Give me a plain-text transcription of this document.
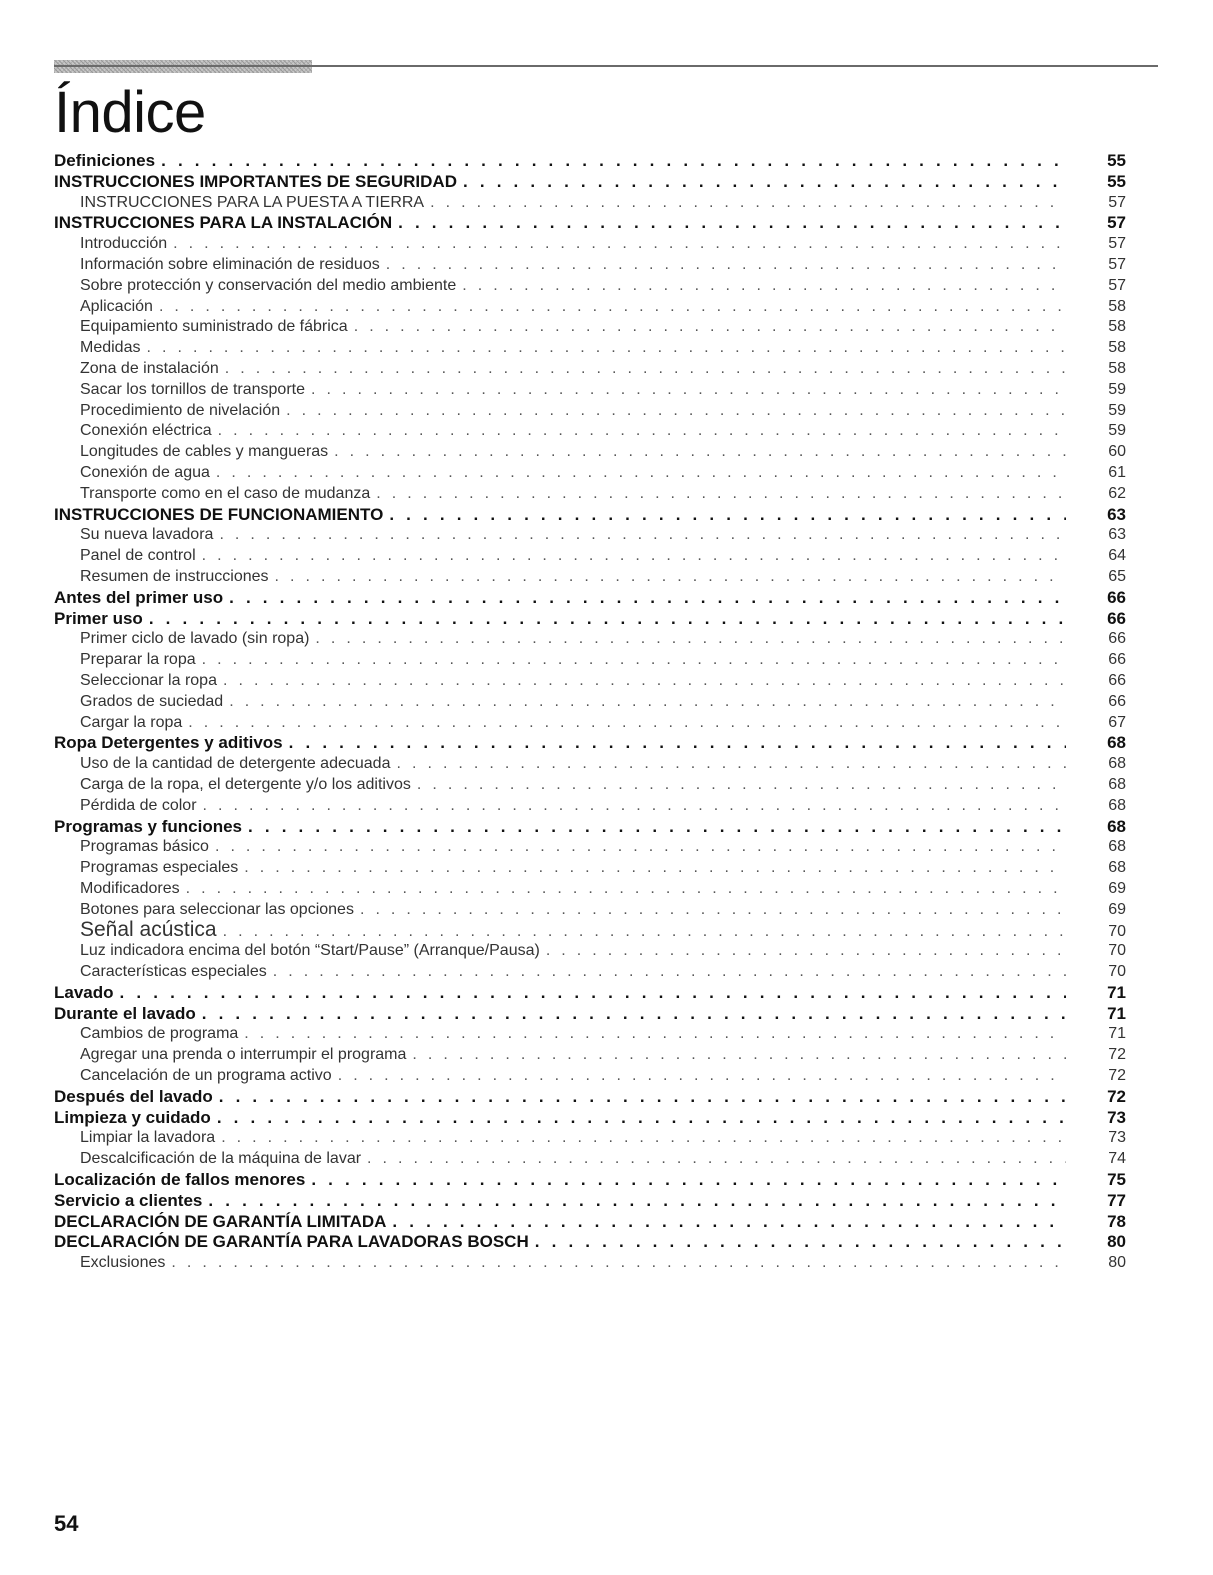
Índice
Definiciones . . .	55
INSTRUCCIONES IMPORTANTES DE SEGURIDAD . . .	55
INSTRUCCIONES PARA LA PUESTA A TIERRA . . .	57
INSTRUCCIONES PARA LA INSTALACIÓN . . .	57
Introducción . . .	57
Información sobre eliminación de residuos . . .	57
Sobre protección y conservación del medio ambiente . . .	57
Aplicación . . .	58
Equipamiento suministrado de fábrica . . .	58
Medidas . . .	58
Zona de instalación . . .	58
Sacar los tornillos de transporte . . .	59
Procedimiento de nivelación . . .	59
Conexión eléctrica . . .	59
Longitudes de cables y mangueras . . .	60
Conexión de agua . . .	61
Transporte como en el caso de mudanza . . .	62
INSTRUCCIONES DE FUNCIONAMIENTO . . .	63
Su nueva lavadora . . .	63
Panel de control . . .	64
Resumen de instrucciones . . .	65
Antes del primer uso . . .	66
Primer uso . . .	66
Primer ciclo de lavado (sin ropa) . . .	66
Preparar la ropa . . .	66
Seleccionar la ropa . . .	66
Grados de suciedad . . .	66
Cargar la ropa . . .	67
Ropa Detergentes y aditivos . . .	68
Uso de la cantidad de detergente adecuada . . .	68
Carga de la ropa, el detergente y/o los aditivos . . .	68
Pérdida de color . . .	68
Programas y funciones . . .	68
Programas básico . . .	68
Programas especiales . . .	68
Modificadores . . .	69
Botones para seleccionar las opciones . . .	69
Señal acústica . . .	70
Luz indicadora encima del botón “Start/Pause” (Arranque/Pausa) . . .	70
Características especiales . . .	70
Lavado . . .	71
Durante el lavado . . .	71
Cambios de programa . . .	71
Agregar una prenda o interrumpir el programa . . .	72
Cancelación de un programa activo . . .	72
Después del lavado . . .	72
Limpieza y cuidado . . .	73
Limpiar la lavadora . . .	73
Descalcificación de la máquina de lavar . . .	74
Localización de fallos menores . . .	75
Servicio a clientes . . .	77
DECLARACIÓN DE GARANTÍA LIMITADA . . .	78
DECLARACIÓN DE GARANTÍA PARA LAVADORAS BOSCH . . .	80
Exclusiones . . .	80
54
